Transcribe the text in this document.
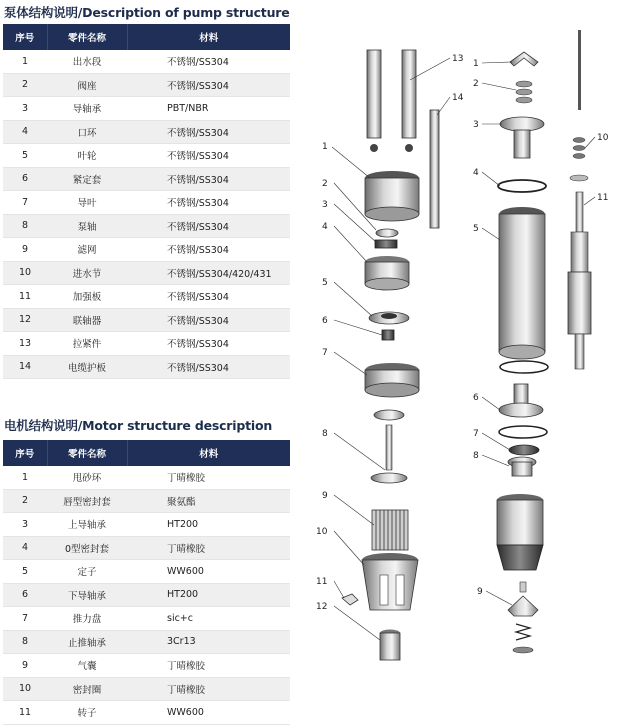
泵体结构说明/Description of pump structure
序号	零件名称	材料
1	出水段	不锈钢/SS304
2	阀座	不锈钢/SS304
3	导轴承	PBT/NBR
4	口环	不锈钢/SS304
5	叶轮	不锈钢/SS304
6	紧定套	不锈钢/SS304
7	导叶	不锈钢/SS304
8	泵轴	不锈钢/SS304
9	滤网	不锈钢/SS304
10	进水节	不锈钢/SS304/420/431
11	加强板	不锈钢/SS304
12	联轴器	不锈钢/SS304
13	拉紧件	不锈钢/SS304
14	电缆护板	不锈钢/SS304
电机结构说明/Motor structure description
序号	零件名称	材料
1	甩砂环	丁晴橡胶
2	唇型密封套	聚氨酯
3	上导轴承	HT200
4	0型密封套	丁晴橡胶
5	定子	WW600
6	下导轴承	HT200
7	推力盘	sic+c
8	止推轴承	3Cr13
9	气囊	丁晴橡胶
10	密封圈	丁晴橡胶
11	转子	WW600
1
2
3
4
5
6
7
8
9
10
11
12
13
14
1
2
3
4
5
6
7
8
9
10
11
